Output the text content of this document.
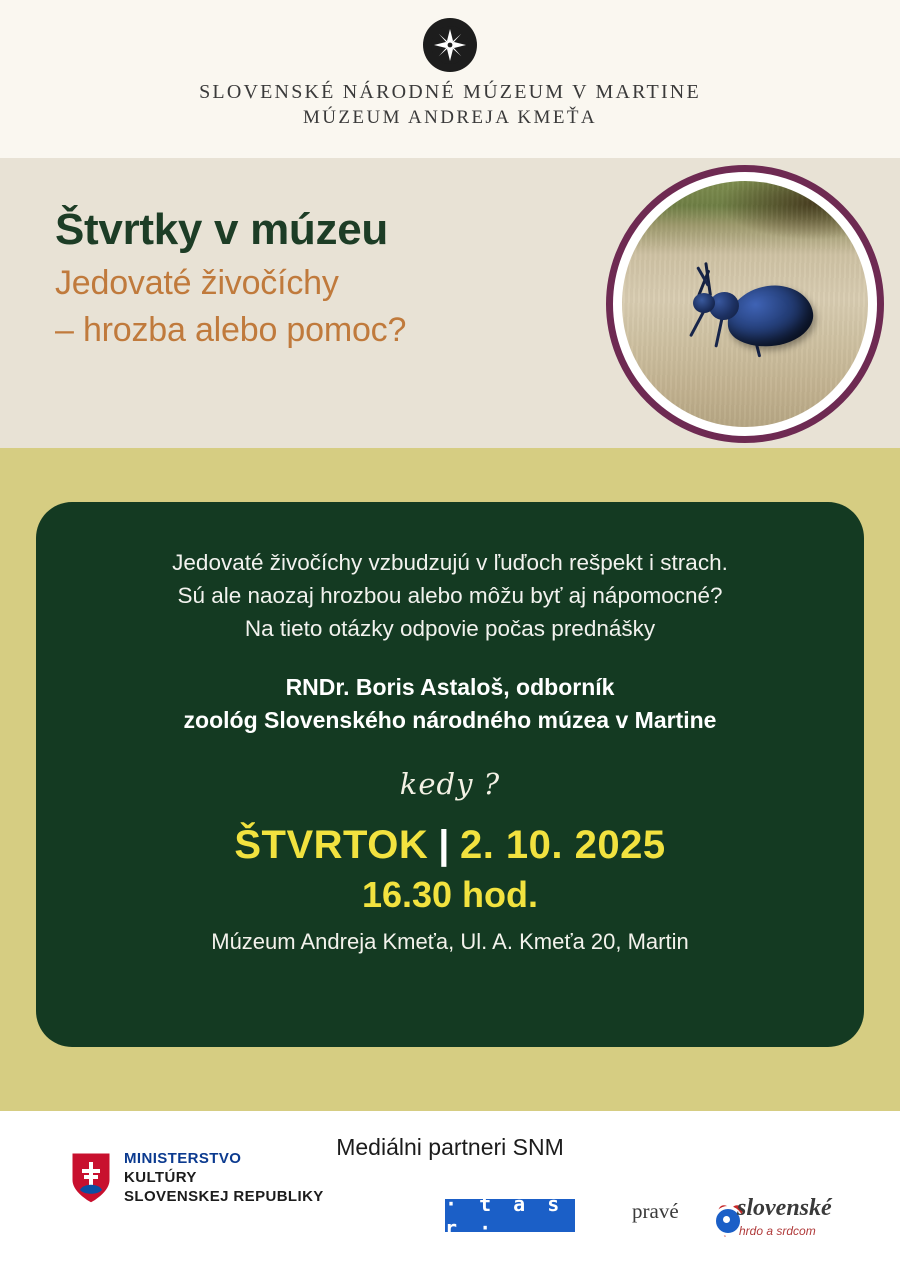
SLOVENSKÉ NÁRODNÉ MÚZEUM V MARTINE
MÚZEUM ANDREJA KMEŤA
Štvrtky v múzeu
Jedovaté živočíchy
– hrozba alebo pomoc?

Jedovaté živočíchy vzbudzujú v ľuďoch rešpekt i strach.
Sú ale naozaj hrozbou alebo môžu byť aj nápomocné?
Na tieto otázky odpovie počas prednášky

RNDr. Boris Astaloš, odborník
zoológ Slovenského národného múzea v Martine

kedy ?

ŠTVRTOK | 2. 10. 2025

16.30 hod.

Múzeum Andreja Kmeťa, Ul. A. Kmeťa 20, Martin

Mediálni partneri SNM
MINISTERSTVO
KULTÚRY
SLOVENSKEJ REPUBLIKY	· t a s r ·
pravé slovenské
hrdo a srdcom
